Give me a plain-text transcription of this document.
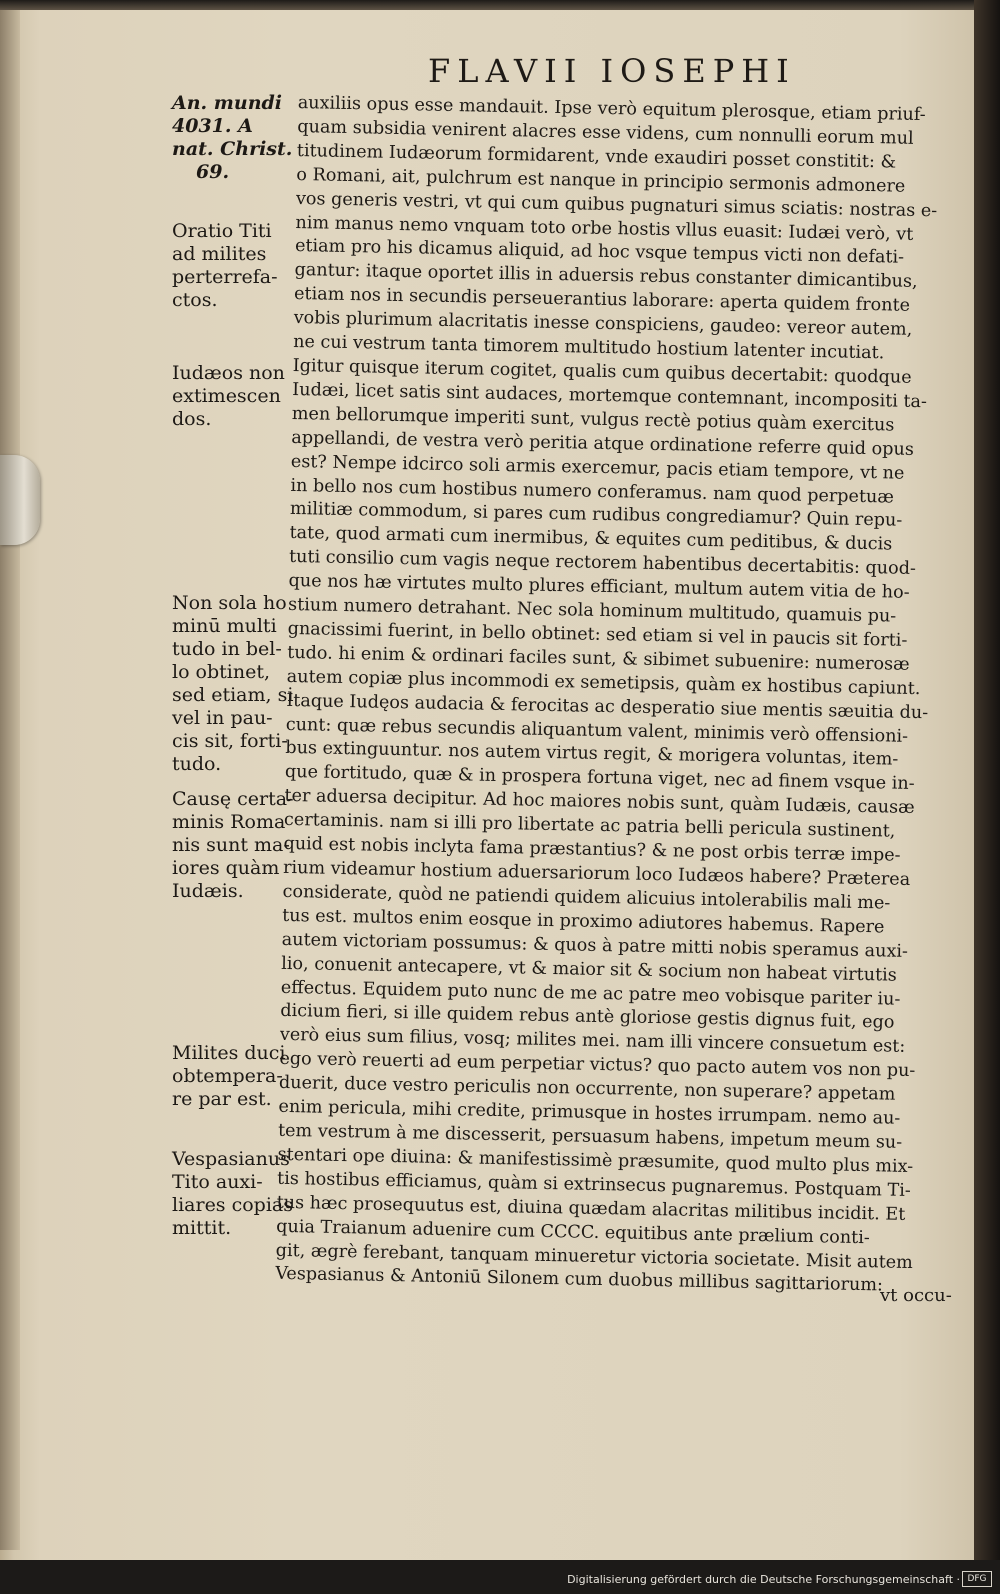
FLAVII IOSEPHI
An. mundi
4031. A
nat. Christ.
69.
Oratio Titi
ad milites
perterrefa-
ctos.
Iudæos non
extimescen
dos.
Non sola ho
minū multi
tudo in bel-
lo obtinet,
sed etiam, si
vel in pau-
cis sit, forti-
tudo.
Causę certa-
minis Roma
nis sunt ma-
iores quàm
Iudæis.
Milites duci
obtempera-
re par est.
Vespasianus
Tito auxi-
liares copias
mittit.
auxiliis opus esse mandauit. Ipse verò equitum plerosque, etiam priuf-
quam subsidia venirent alacres esse videns, cum nonnulli eorum mul
titudinem Iudæorum formidarent, vnde exaudiri posset constitit: &
o Romani, ait, pulchrum est nanque in principio sermonis admonere
vos generis vestri, vt qui cum quibus pugnaturi simus sciatis: nostras e-
nim manus nemo vnquam toto orbe hostis vllus euasit: Iudæi verò, vt
etiam pro his dicamus aliquid, ad hoc vsque tempus victi non defati-
gantur: itaque oportet illis in aduersis rebus constanter dimicantibus,
etiam nos in secundis perseuerantius laborare: aperta quidem fronte
vobis plurimum alacritatis inesse conspiciens, gaudeo: vereor autem,
ne cui vestrum tanta timorem multitudo hostium latenter incutiat.
Igitur quisque iterum cogitet, qualis cum quibus decertabit: quodque
Iudæi, licet satis sint audaces, mortemque contemnant, incompositi ta-
men bellorumque imperiti sunt, vulgus rectè potius quàm exercitus
appellandi, de vestra verò peritia atque ordinatione referre quid opus
est? Nempe idcirco soli armis exercemur, pacis etiam tempore, vt ne
in bello nos cum hostibus numero conferamus. nam quod perpetuæ
militiæ commodum, si pares cum rudibus congrediamur? Quin repu-
tate, quod armati cum inermibus, & equites cum peditibus, & ducis
tuti consilio cum vagis neque rectorem habentibus decertabitis: quod-
que nos hæ virtutes multo plures efficiant, multum autem vitia de ho-
stium numero detrahant. Nec sola hominum multitudo, quamuis pu-
gnacissimi fuerint, in bello obtinet: sed etiam si vel in paucis sit forti-
tudo. hi enim & ordinari faciles sunt, & sibimet subuenire: numerosæ
autem copiæ plus incommodi ex semetipsis, quàm ex hostibus capiunt.
Itaque Iudęos audacia & ferocitas ac desperatio siue mentis sæuitia du-
cunt: quæ rebus secundis aliquantum valent, minimis verò offensioni-
bus extinguuntur. nos autem virtus regit, & morigera voluntas, item-
que fortitudo, quæ & in prospera fortuna viget, nec ad finem vsque in-
ter aduersa decipitur. Ad hoc maiores nobis sunt, quàm Iudæis, causæ
certaminis. nam si illi pro libertate ac patria belli pericula sustinent,
quid est nobis inclyta fama præstantius? & ne post orbis terræ impe-
rium videamur hostium aduersariorum loco Iudæos habere? Præterea
considerate, quòd ne patiendi quidem alicuius intolerabilis mali me-
tus est. multos enim eosque in proximo adiutores habemus. Rapere
autem victoriam possumus: & quos à patre mitti nobis speramus auxi-
lio, conuenit antecapere, vt & maior sit & socium non habeat virtutis
effectus. Equidem puto nunc de me ac patre meo vobisque pariter iu-
dicium fieri, si ille quidem rebus antè gloriose gestis dignus fuit, ego
verò eius sum filius, vosq; milites mei. nam illi vincere consuetum est:
ego verò reuerti ad eum perpetiar victus? quo pacto autem vos non pu-
duerit, duce vestro periculis non occurrente, non superare? appetam
enim pericula, mihi credite, primusque in hostes irrumpam. nemo au-
tem vestrum à me discesserit, persuasum habens, impetum meum su-
stentari ope diuina: & manifestissimè præsumite, quod multo plus mix-
tis hostibus efficiamus, quàm si extrinsecus pugnaremus. Postquam Ti-
tus hæc prosequutus est, diuina quædam alacritas militibus incidit. Et
quia Traianum aduenire cum CCCC. equitibus ante prælium conti-
git, ægrè ferebant, tanquam minueretur victoria societate. Misit autem
Vespasianus & Antoniū Silonem cum duobus millibus sagittariorum:
vt occu-
Digitalisierung gefördert durch die Deutsche Forschungsgemeinschaft · DFG
